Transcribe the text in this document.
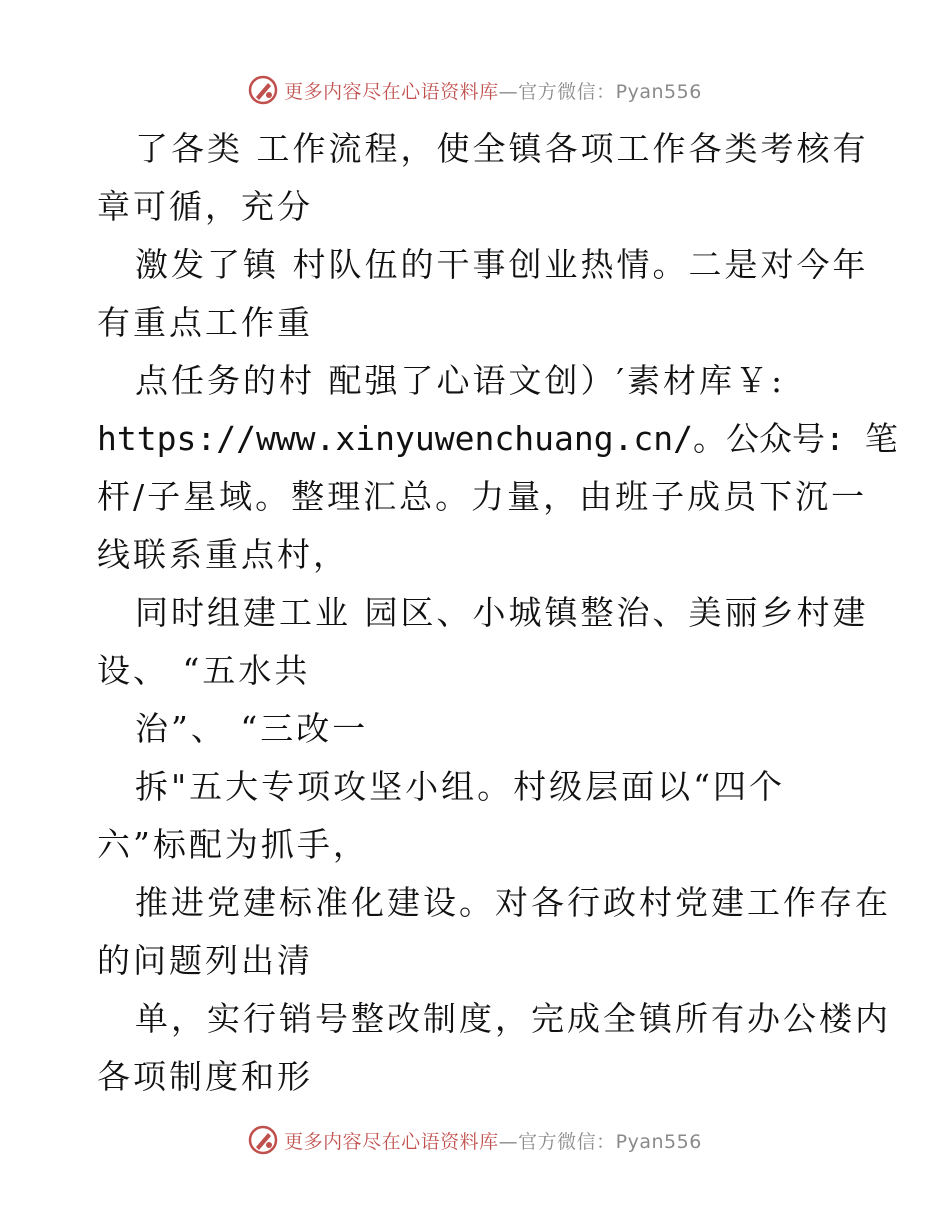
更多内容尽在心语资料库—官方微信：Pyan556
了各类 工作流程，使全镇各项工作各类考核有
章可循，充分
激发了镇 村队伍的干事创业热情。二是对今年
有重点工作重
点任务的村 配强了心语文创）′素材库￥:
https://www.xinyuwenchuang.cn/。公众号: 笔
杆/子星域。整理汇总。力量，由班子成员下沉一
线联系重点村，
同时组建工业 园区、小城镇整治、美丽乡村建
设、 “五水共
治”、 “三改一
拆"五大专项攻坚小组。村级层面以“四个
六”标配为抓手，
推进党建标准化建设。对各行政村党建工作存在
的问题列出清
单，实行销号整改制度，完成全镇所有办公楼内
各项制度和形
更多内容尽在心语资料库—官方微信：Pyan556
